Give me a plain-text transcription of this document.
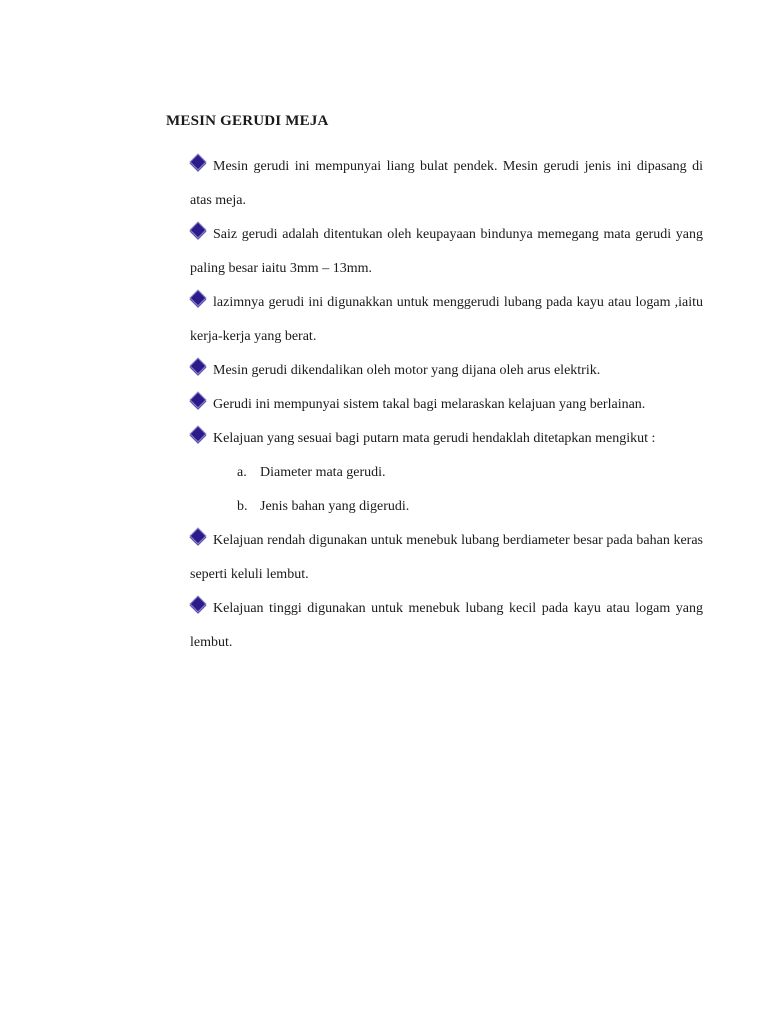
MESIN GERUDI MEJA

Mesin gerudi ini mempunyai liang bulat pendek. Mesin gerudi jenis ini dipasang di atas meja.

Saiz gerudi adalah ditentukan oleh keupayaan bindunya memegang mata gerudi yang paling besar iaitu 3mm – 13mm.

lazimnya gerudi ini digunakkan untuk menggerudi lubang pada kayu atau logam ,iaitu kerja-kerja yang berat.

Mesin gerudi dikendalikan oleh motor yang dijana oleh arus elektrik.

Gerudi ini mempunyai sistem takal bagi melaraskan kelajuan yang berlainan.

Kelajuan yang sesuai bagi putarn mata gerudi hendaklah ditetapkan mengikut :

a. Diameter mata gerudi.

b. Jenis bahan yang digerudi.

Kelajuan rendah digunakan untuk menebuk lubang berdiameter besar pada bahan keras seperti keluli lembut.

Kelajuan tinggi digunakan untuk menebuk lubang kecil pada kayu atau logam yang lembut.
